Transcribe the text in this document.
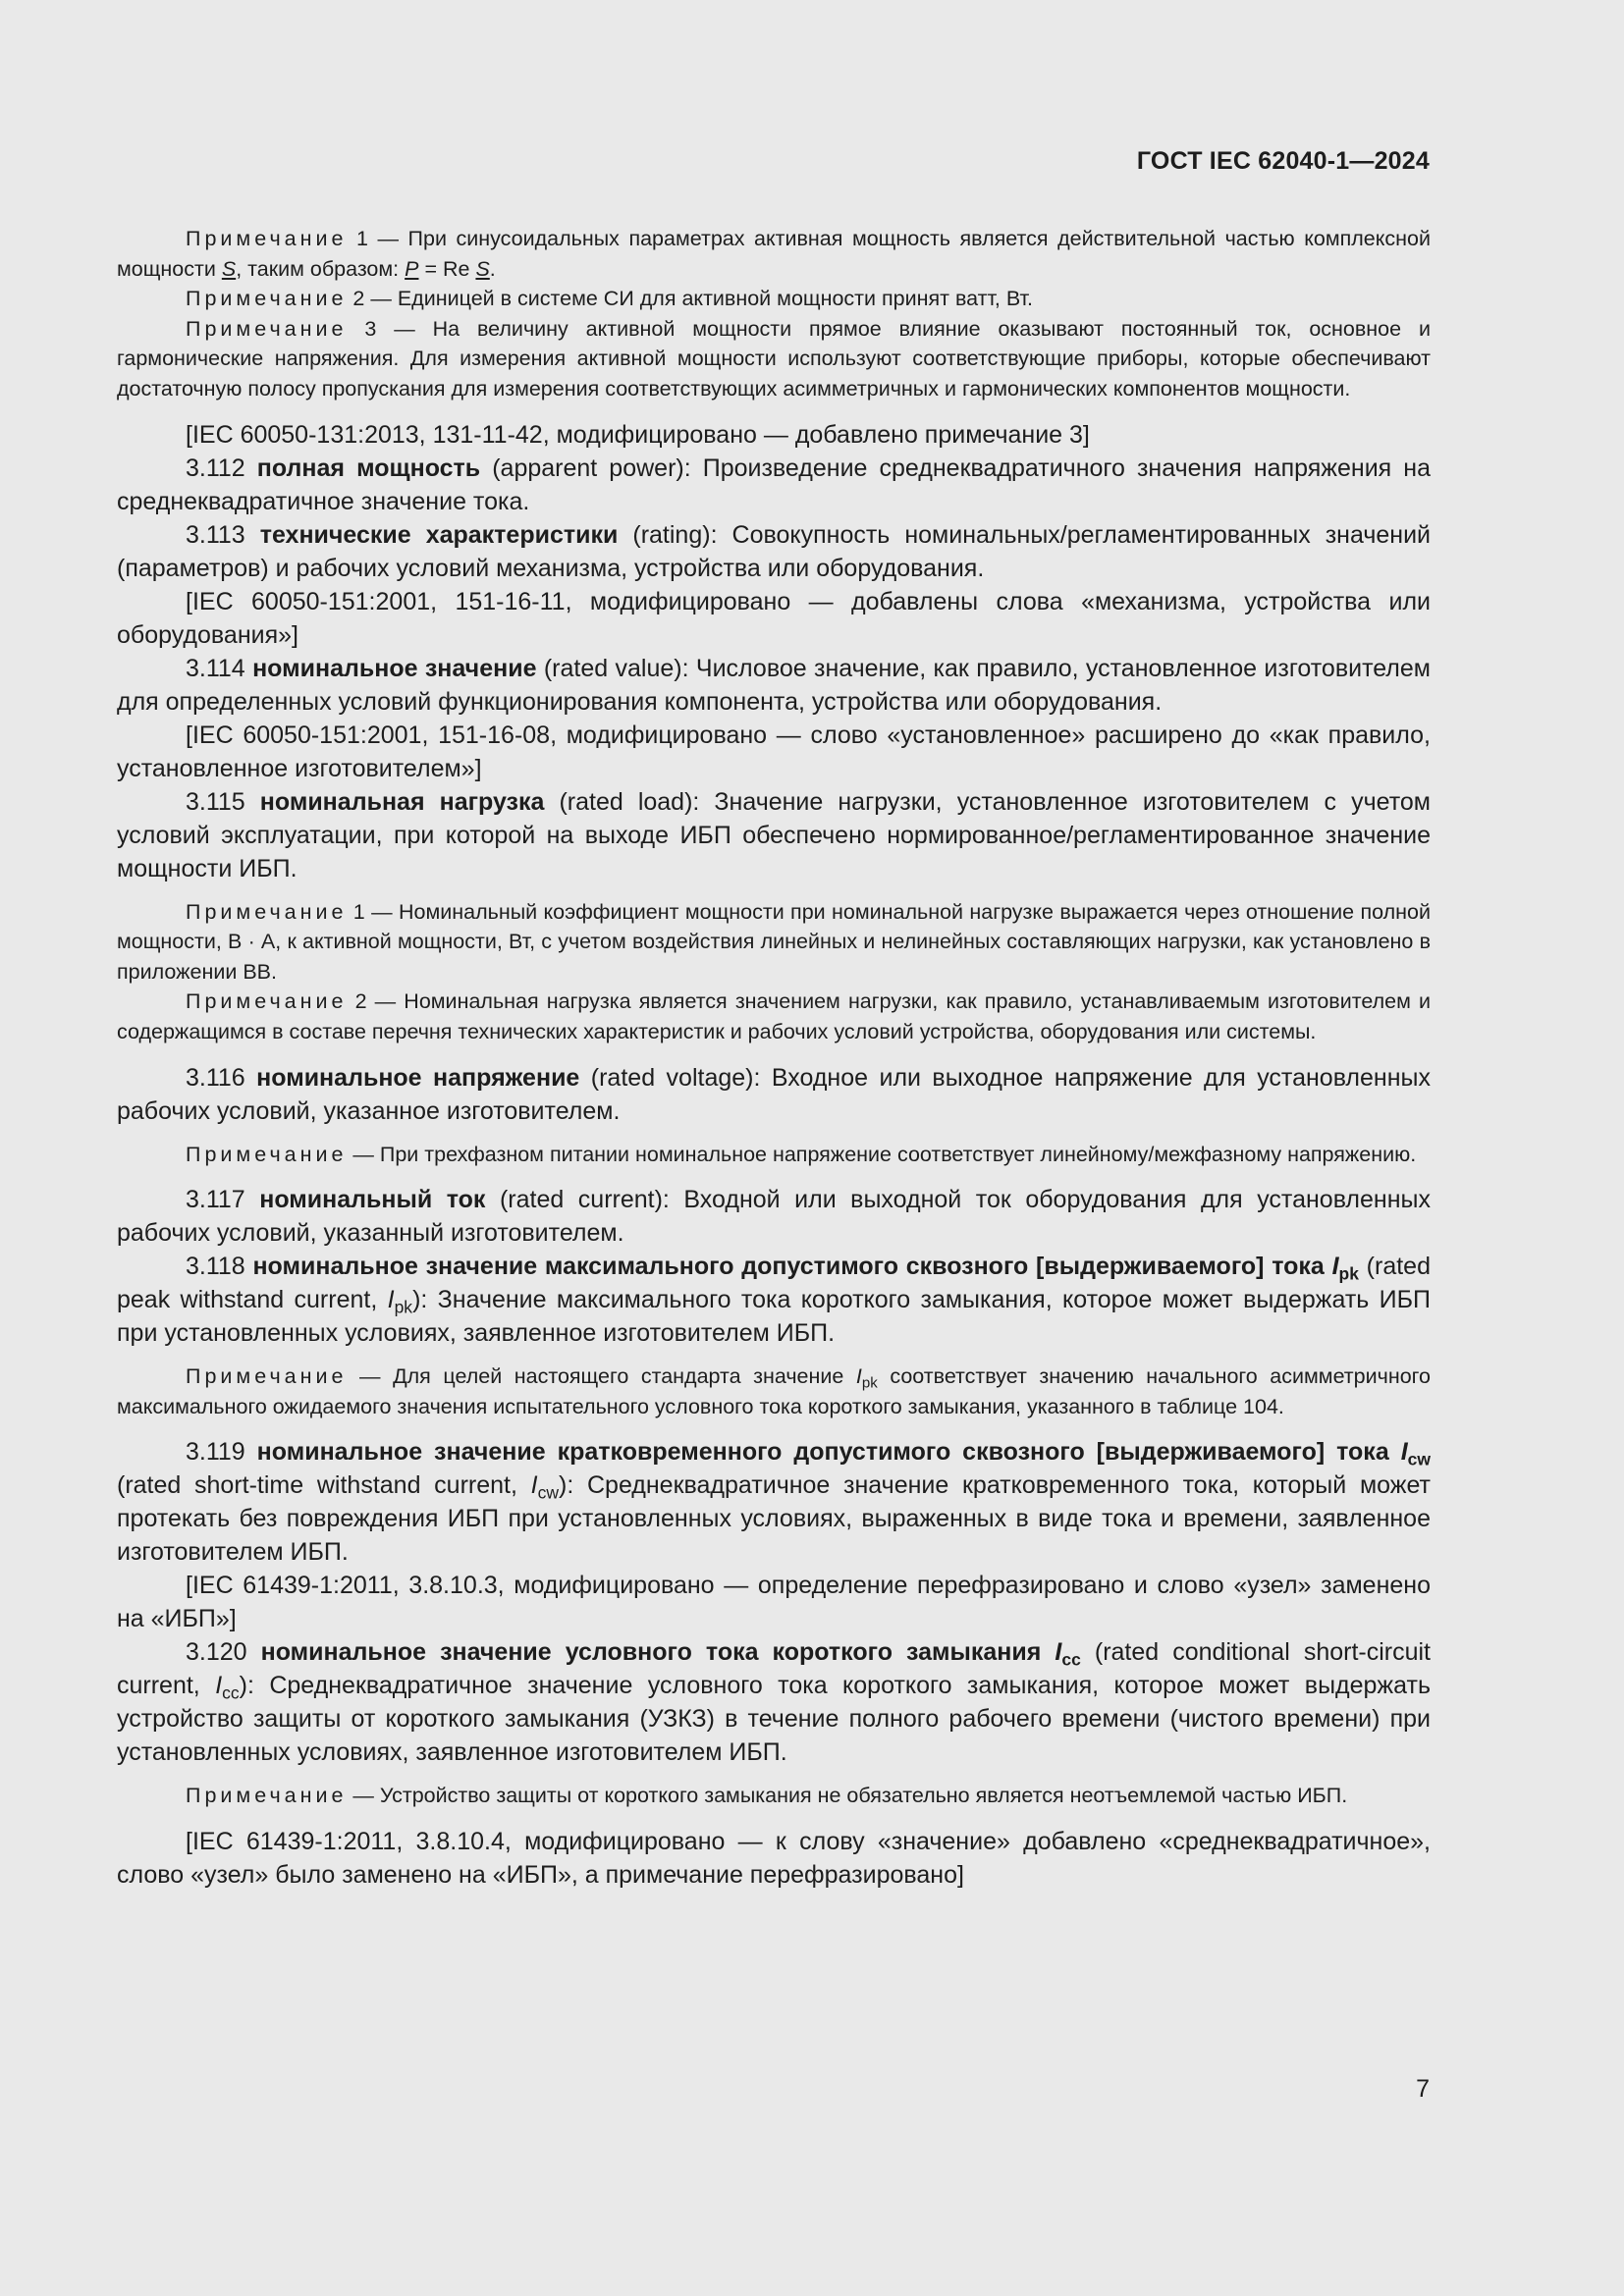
ГОСТ IEC 62040-1—2024
Примечание 1 — При синусоидальных параметрах активная мощность является действительной частью комплексной мощности S, таким образом: P = Re S.
Примечание 2 — Единицей в системе СИ для активной мощности принят ватт, Вт.
Примечание 3 — На величину активной мощности прямое влияние оказывают постоянный ток, основное и гармонические напряжения. Для измерения активной мощности используют соответствующие приборы, которые обеспечивают достаточную полосу пропускания для измерения соответствующих асимметричных и гармонических компонентов мощности.
[IEC 60050-131:2013, 131-11-42, модифицировано — добавлено примечание 3]
3.112 полная мощность (apparent power): Произведение среднеквадратичного значения напряжения на среднеквадратичное значение тока.
3.113 технические характеристики (rating): Совокупность номинальных/регламентированных значений (параметров) и рабочих условий механизма, устройства или оборудования.
[IEC 60050-151:2001, 151-16-11, модифицировано — добавлены слова «механизма, устройства или оборудования»]
3.114 номинальное значение (rated value): Числовое значение, как правило, установленное изготовителем для определенных условий функционирования компонента, устройства или оборудования.
[IEC 60050-151:2001, 151-16-08, модифицировано — слово «установленное» расширено до «как правило, установленное изготовителем»]
3.115 номинальная нагрузка (rated load): Значение нагрузки, установленное изготовителем с учетом условий эксплуатации, при которой на выходе ИБП обеспечено нормированное/регламентированное значение мощности ИБП.
Примечание 1 — Номинальный коэффициент мощности при номинальной нагрузке выражается через отношение полной мощности, В · А, к активной мощности, Вт, с учетом воздействия линейных и нелинейных составляющих нагрузки, как установлено в приложении ВВ.
Примечание 2 — Номинальная нагрузка является значением нагрузки, как правило, устанавливаемым изготовителем и содержащимся в составе перечня технических характеристик и рабочих условий устройства, оборудования или системы.
3.116 номинальное напряжение (rated voltage): Входное или выходное напряжение для установленных рабочих условий, указанное изготовителем.
Примечание — При трехфазном питании номинальное напряжение соответствует линейному/межфазному напряжению.
3.117 номинальный ток (rated current): Входной или выходной ток оборудования для установленных рабочих условий, указанный изготовителем.
3.118 номинальное значение максимального допустимого сквозного [выдерживаемого] тока $I_{pk}$ (rated peak withstand current, $I_{pk}$): Значение максимального тока короткого замыкания, которое может выдержать ИБП при установленных условиях, заявленное изготовителем ИБП.
Примечание — Для целей настоящего стандарта значение $I_{pk}$ соответствует значению начального асимметричного максимального ожидаемого значения испытательного условного тока короткого замыкания, указанного в таблице 104.
3.119 номинальное значение кратковременного допустимого сквозного [выдерживаемого] тока $I_{cw}$ (rated short-time withstand current, $I_{cw}$): Среднеквадратичное значение кратковременного тока, который может протекать без повреждения ИБП при установленных условиях, выраженных в виде тока и времени, заявленное изготовителем ИБП.
[IEC 61439-1:2011, 3.8.10.3, модифицировано — определение перефразировано и слово «узел» заменено на «ИБП»]
3.120 номинальное значение условного тока короткого замыкания $I_{cc}$ (rated conditional short-circuit current, $I_{cc}$): Среднеквадратичное значение условного тока короткого замыкания, которое может выдержать устройство защиты от короткого замыкания (УЗКЗ) в течение полного рабочего времени (чистого времени) при установленных условиях, заявленное изготовителем ИБП.
Примечание — Устройство защиты от короткого замыкания не обязательно является неотъемлемой частью ИБП.
[IEC 61439-1:2011, 3.8.10.4, модифицировано — к слову «значение» добавлено «среднеквадратичное», слово «узел» было заменено на «ИБП», а примечание перефразировано]
7
